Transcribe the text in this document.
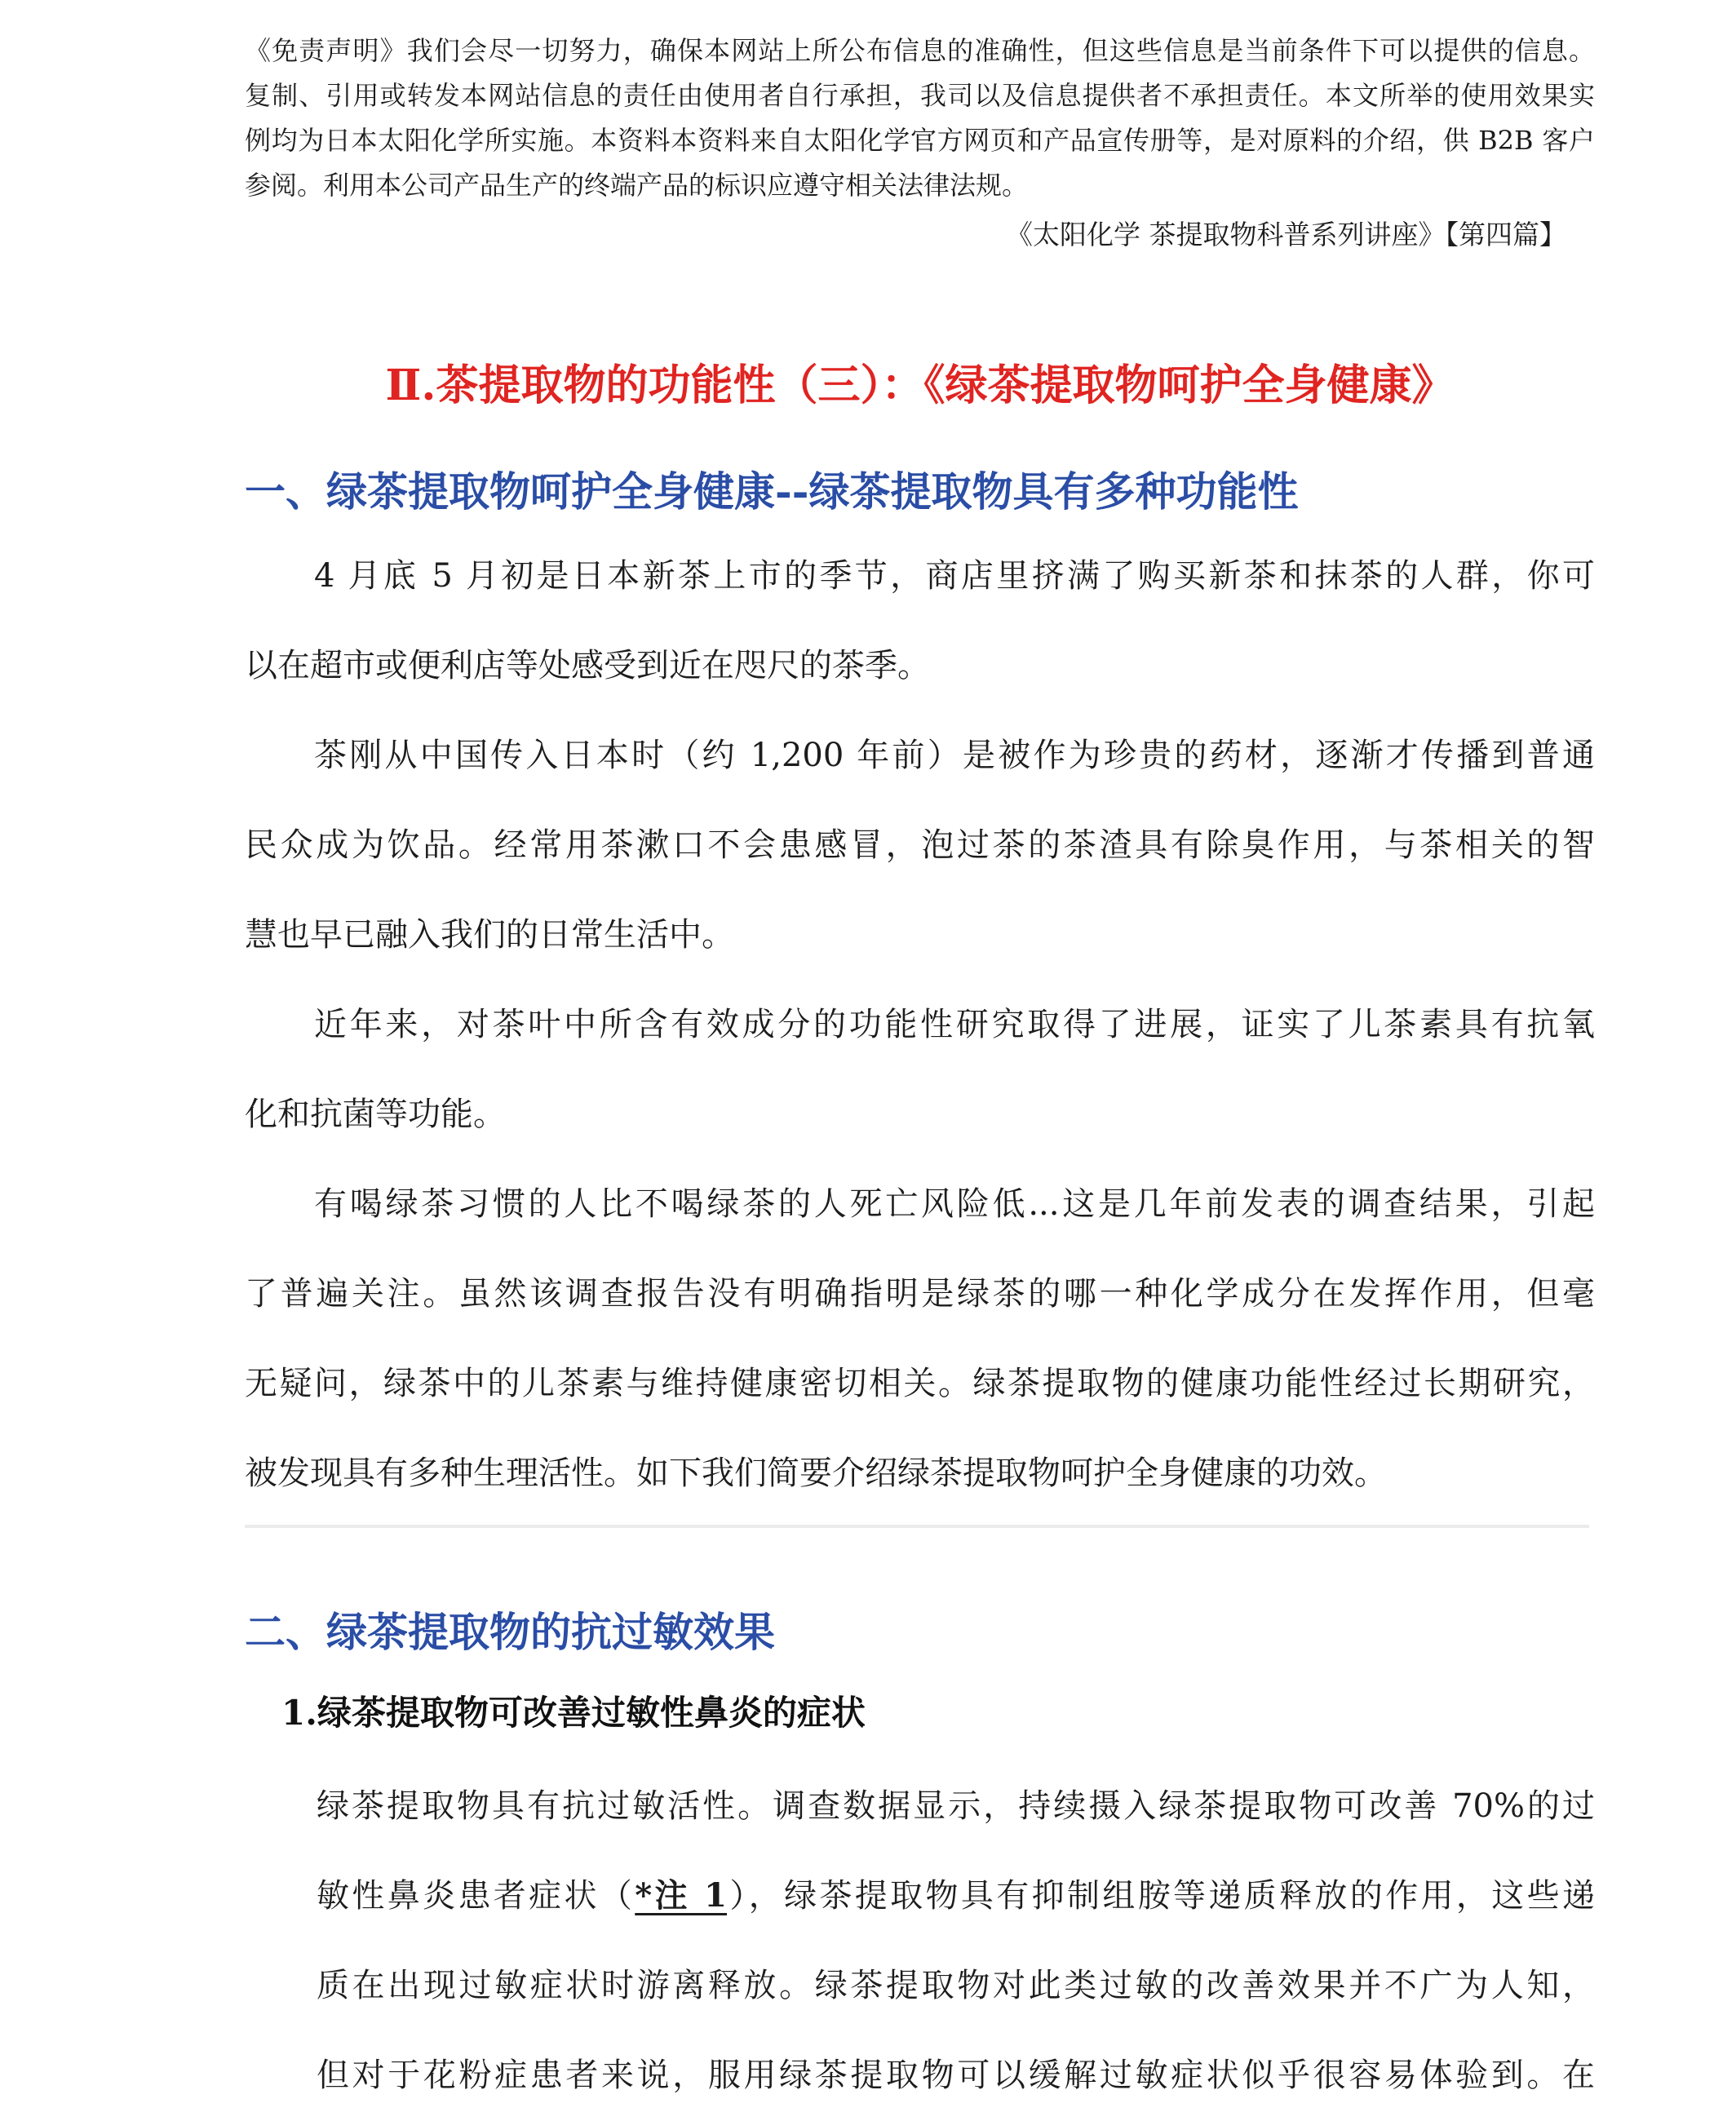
《免责声明》我们会尽一切努力，确保本网站上所公布信息的准确性，但这些信息是当前条件下可以提供的信息。
复制、引用或转发本网站信息的责任由使用者自行承担，我司以及信息提供者不承担责任。本文所举的使用效果实
例均为日本太阳化学所实施。本资料本资料来自太阳化学官方网页和产品宣传册等，是对原料的介绍，供 B2B 客户
参阅。利用本公司产品生产的终端产品的标识应遵守相关法律法规。
《太阳化学 茶提取物科普系列讲座》【第四篇】
Ⅱ.茶提取物的功能性（三）：《绿茶提取物呵护全身健康》
一、绿茶提取物呵护全身健康--绿茶提取物具有多种功能性
4 月底 5 月初是日本新茶上市的季节，商店里挤满了购买新茶和抹茶的人群，你可
以在超市或便利店等处感受到近在咫尺的茶季。
茶刚从中国传入日本时（约 1,200 年前）是被作为珍贵的药材，逐渐才传播到普通
民众成为饮品。经常用茶漱口不会患感冒，泡过茶的茶渣具有除臭作用，与茶相关的智
慧也早已融入我们的日常生活中。
近年来，对茶叶中所含有效成分的功能性研究取得了进展，证实了儿茶素具有抗氧
化和抗菌等功能。
有喝绿茶习惯的人比不喝绿茶的人死亡风险低...这是几年前发表的调查结果，引起
了普遍关注。虽然该调查报告没有明确指明是绿茶的哪一种化学成分在发挥作用，但毫
无疑问，绿茶中的儿茶素与维持健康密切相关。绿茶提取物的健康功能性经过长期研究，
被发现具有多种生理活性。如下我们简要介绍绿茶提取物呵护全身健康的功效。
二、绿茶提取物的抗过敏效果
1.绿茶提取物可改善过敏性鼻炎的症状
绿茶提取物具有抗过敏活性。调查数据显示，持续摄入绿茶提取物可改善 70%的过
敏性鼻炎患者症状（*注 1），绿茶提取物具有抑制组胺等递质释放的作用，这些递
质在出现过敏症状时游离释放。绿茶提取物对此类过敏的改善效果并不广为人知，
但对于花粉症患者来说，服用绿茶提取物可以缓解过敏症状似乎很容易体验到。在
